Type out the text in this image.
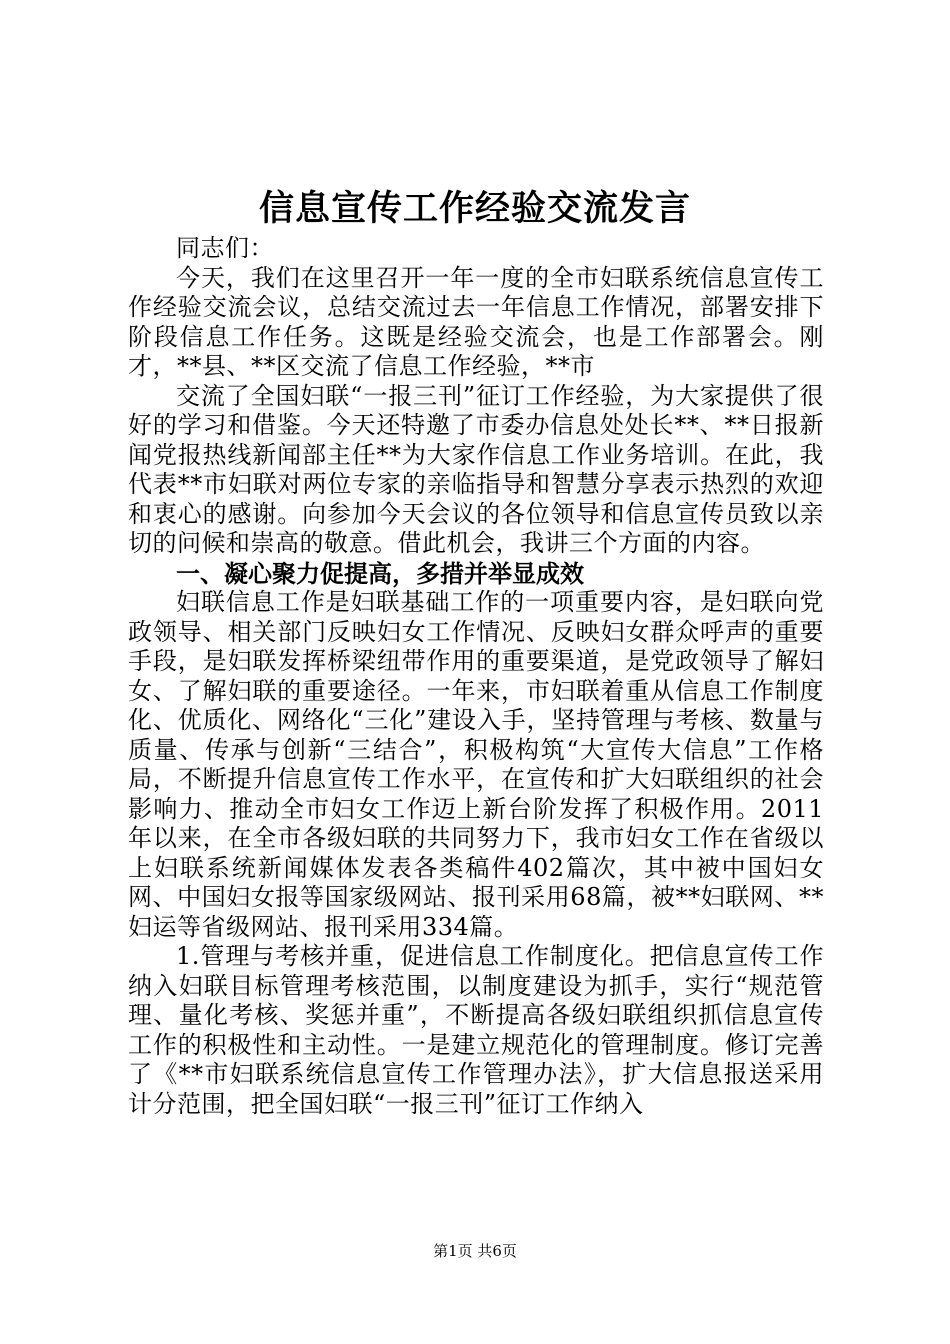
信息宣传工作经验交流发言

同志们：

今天，我们在这里召开一年一度的全市妇联系统信息宣传工作经验交流会议，总结交流过去一年信息工作情况，部署安排下阶段信息工作任务。这既是经验交流会，也是工作部署会。刚才，**县、**区交流了信息工作经验，**市

交流了全国妇联“一报三刊”征订工作经验，为大家提供了很好的学习和借鉴。今天还特邀了市委办信息处处长**、**日报新闻党报热线新闻部主任**为大家作信息工作业务培训。在此，我代表**市妇联对两位专家的亲临指导和智慧分享表示热烈的欢迎和衷心的感谢。向参加今天会议的各位领导和信息宣传员致以亲切的问候和崇高的敬意。借此机会，我讲三个方面的内容。

一、凝心聚力促提高，多措并举显成效

妇联信息工作是妇联基础工作的一项重要内容，是妇联向党政领导、相关部门反映妇女工作情况、反映妇女群众呼声的重要手段，是妇联发挥桥梁纽带作用的重要渠道，是党政领导了解妇女、了解妇联的重要途径。一年来，市妇联着重从信息工作制度化、优质化、网络化“三化”建设入手，坚持管理与考核、数量与质量、传承与创新“三结合”，积极构筑“大宣传大信息”工作格局，不断提升信息宣传工作水平，在宣传和扩大妇联组织的社会影响力、推动全市妇女工作迈上新台阶发挥了积极作用。2011年以来，在全市各级妇联的共同努力下，我市妇女工作在省级以上妇联系统新闻媒体发表各类稿件402篇次，其中被中国妇女网、中国妇女报等国家级网站、报刊采用68篇，被**妇联网、**妇运等省级网站、报刊采用334篇。

1.管理与考核并重，促进信息工作制度化。把信息宣传工作纳入妇联目标管理考核范围，以制度建设为抓手，实行“规范管理、量化考核、奖惩并重”，不断提高各级妇联组织抓信息宣传工作的积极性和主动性。一是建立规范化的管理制度。修订完善了《**市妇联系统信息宣传工作管理办法》，扩大信息报送采用计分范围，把全国妇联“一报三刊”征订工作纳入

第1页 共6页
